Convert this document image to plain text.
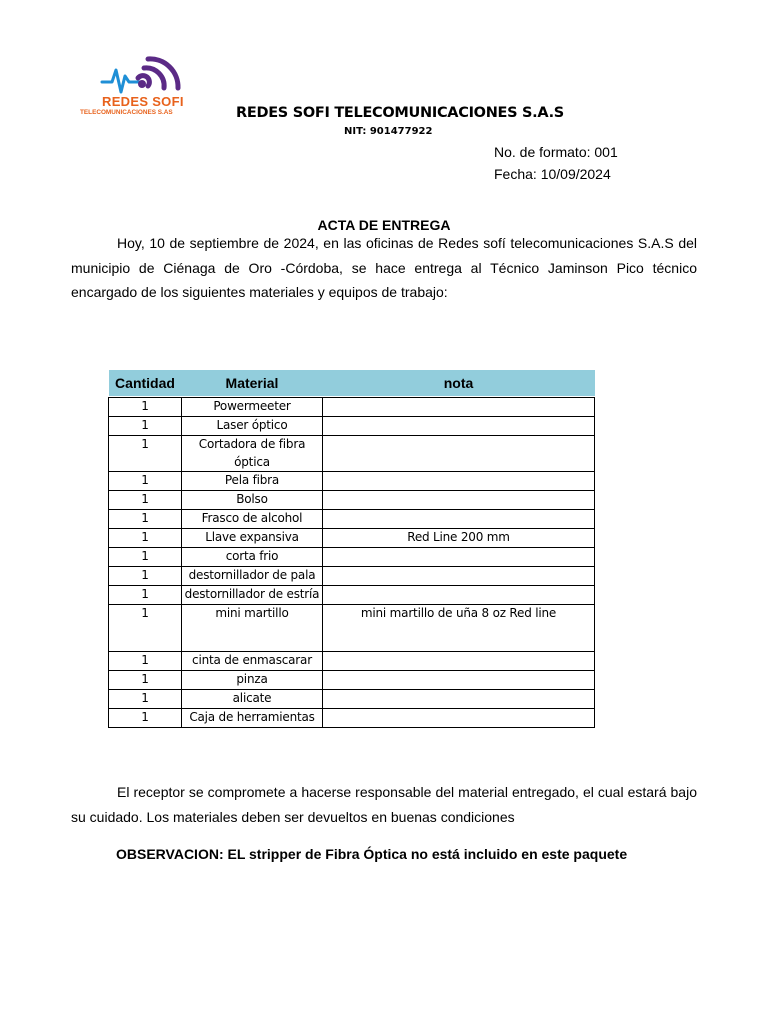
REDES SOFI
TELECOMUNICACIONES S.AS	REDES SOFI TELECOMUNICACIONES S.A.S
NIT: 901477922
No. de formato: 001
Fecha: 10/09/2024
ACTA DE ENTREGA

Hoy, 10 de septiembre de 2024, en las oficinas de Redes sofí telecomunicaciones S.A.S del municipio de Ciénaga de Oro -Córdoba, se hace entrega al Técnico Jaminson Pico técnico encargado de los siguientes materiales y equipos de trabajo:

Cantidad	Material	nota

1	Powermeeter	
1	Laser óptico	
1	Cortadora de fibra óptica	
1	Pela fibra	
1	Bolso	
1	Frasco de alcohol	
1	Llave expansiva	Red Line 200 mm
1	corta frio	
1	destornillador de pala	
1	destornillador de estría	
1	mini martillo	mini martillo de uña 8 oz Red line
1	cinta de enmascarar	
1	pinza	
1	alicate	
1	Caja de herramientas	

El receptor se compromete a hacerse responsable del material entregado, el cual estará bajo su cuidado. Los materiales deben ser devueltos en buenas condiciones

OBSERVACION: EL stripper de Fibra Óptica no está incluido en este paquete
